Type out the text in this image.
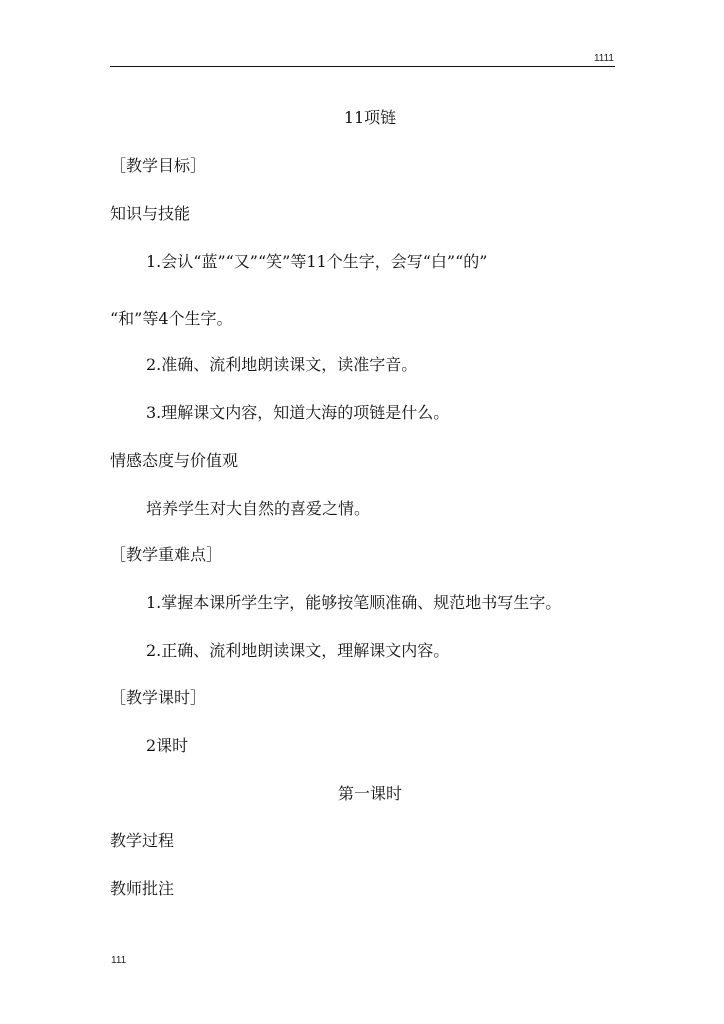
1111
11项链
［教学目标］
知识与技能
1.会认“蓝”“又”“笑”等11个生字，会写“白”“的”
“和”等4个生字。
2.准确、流利地朗读课文，读准字音。
3.理解课文内容，知道大海的项链是什么。
情感态度与价值观
培养学生对大自然的喜爱之情。
［教学重难点］
1.掌握本课所学生字，能够按笔顺准确、规范地书写生字。
2.正确、流利地朗读课文，理解课文内容。
［教学课时］
2课时
第一课时
教学过程
教师批注
111
